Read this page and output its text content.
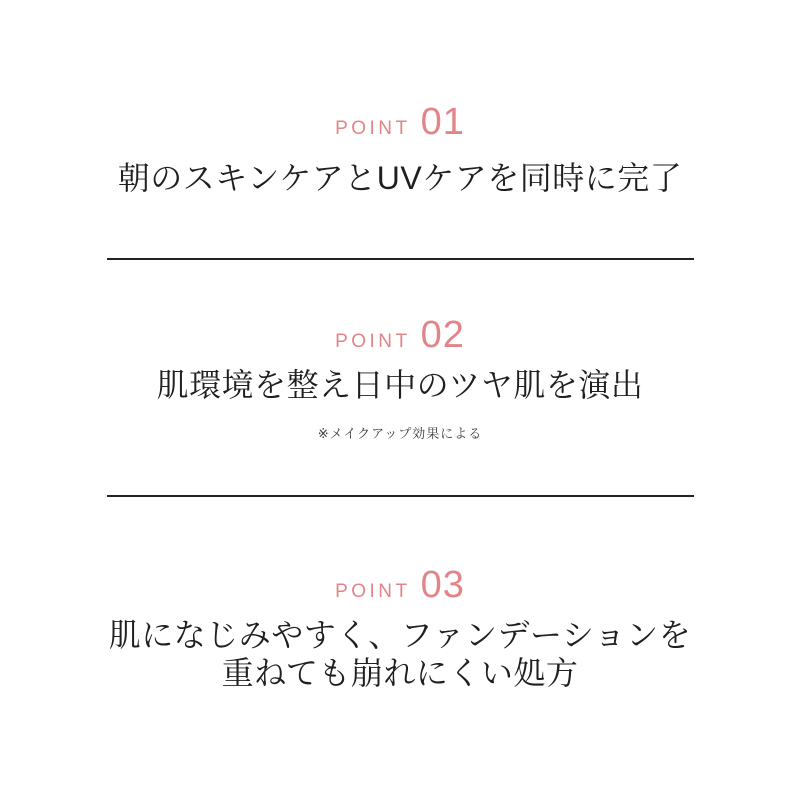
POINT 01
朝のスキンケアとUVケアを同時に完了
POINT 02
肌環境を整え日中のツヤ肌を演出
※メイクアップ効果による
POINT 03
肌になじみやすく、ファンデーションを
重ねても崩れにくい処方
